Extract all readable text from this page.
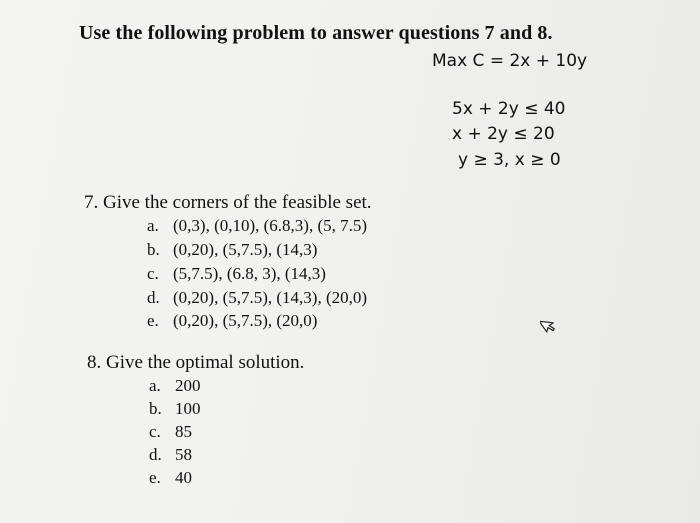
Use the following problem to answer questions 7 and 8.
Max C = 2x + 10y
5x + 2y ≤ 40
x + 2y ≤ 20
y ≥ 3, x ≥ 0
7. Give the corners of the feasible set.
a. (0,3), (0,10), (6.8,3), (5, 7.5)
b. (0,20), (5,7.5), (14,3)
c. (5,7.5), (6.8, 3), (14,3)
d. (0,20), (5,7.5), (14,3), (20,0)
e. (0,20), (5,7.5), (20,0)
8. Give the optimal solution.
a. 200
b. 100
c. 85
d. 58
e. 40
